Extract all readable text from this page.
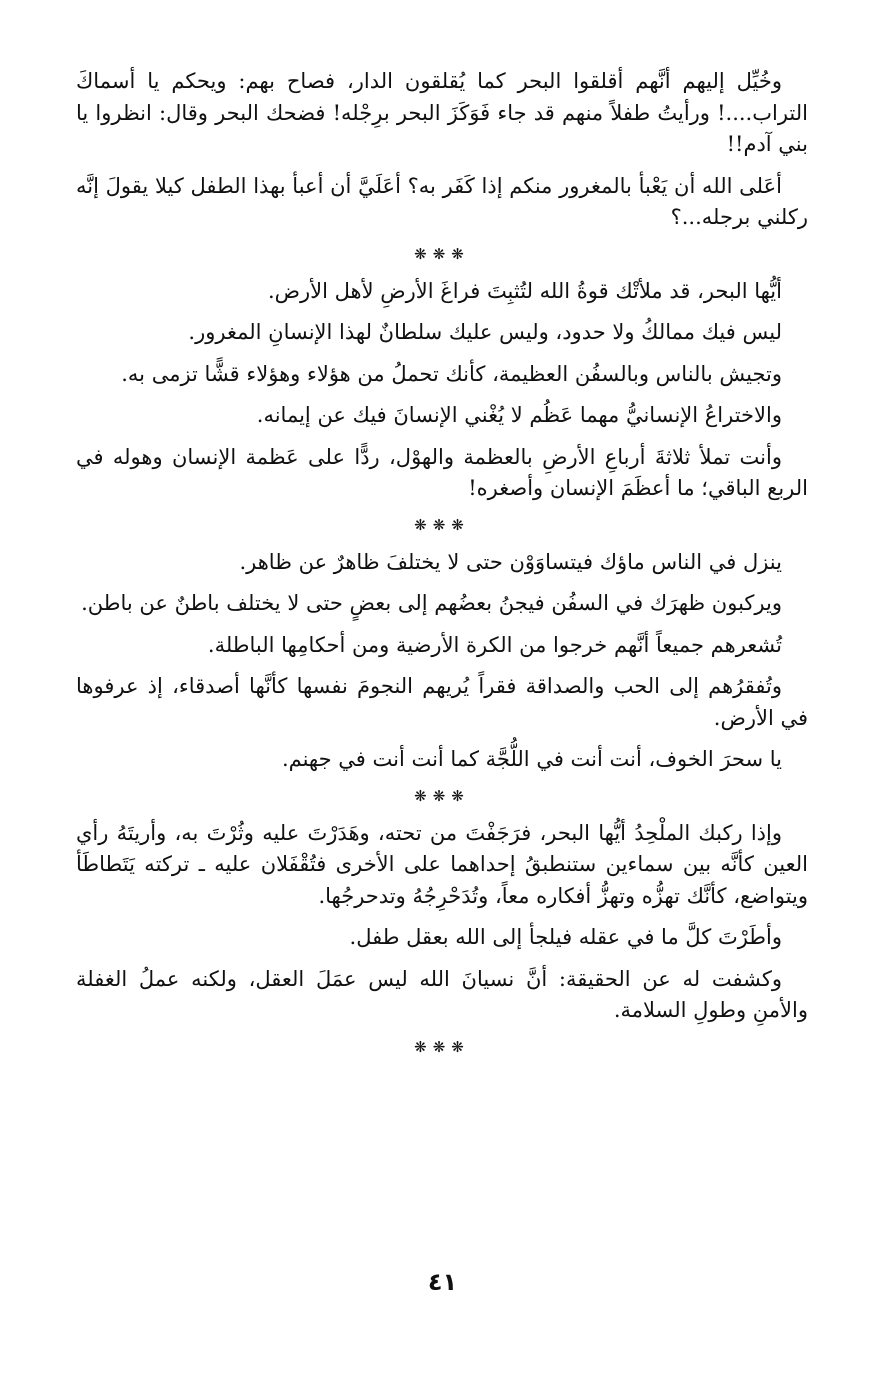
وخُيِّل إليهم أنَّهم أقلقوا البحر كما يُقلقون الدار، فصاح بهم: ويحكم يا أسماكَ التراب....! ورأيتُ طفلاً منهم قد جاء فَوَكَزَ البحر برِجْله! فضحك البحر وقال: انظروا يا بني آدم!!

أعَلى الله أن يَعْبأ بالمغرور منكم إذا كَفَر به؟ أعَلَيَّ أن أعبأ بهذا الطفل كيلا يقولَ إنَّه ركلني برجله...؟

❋❋❋

أيُّها البحر، قد ملأتْك قوةُ الله لتُثبِتَ فراغَ الأرضِ لأهل الأرض.

ليس فيك ممالكُ ولا حدود، وليس عليك سلطانٌ لهذا الإنسانِ المغرور.

وتجيش بالناس وبالسفُن العظيمة، كأنك تحملُ من هؤلاء وهؤلاء قشًّا تزمى به.

والاختراعُ الإنسانيُّ مهما عَظُم لا يُغْني الإنسانَ فيك عن إيمانه.

وأنت تملأ ثلاثةَ أرباعِ الأرضِ بالعظمة والهوْل، ردًّا على عَظمة الإنسان وهوله في الربع الباقي؛ ما أعظَمَ الإنسان وأصغره!

❋❋❋

ينزل في الناس ماؤك فيتساوَوْن حتى لا يختلفَ ظاهرٌ عن ظاهر.

ويركبون ظهرَك في السفُن فيجنُ بعضُهم إلى بعضٍ حتى لا يختلف باطنٌ عن باطن.

تُشعرهم جميعاً أنَّهم خرجوا من الكرة الأرضية ومن أحكامِها الباطلة.

وتُفقرُهم إلى الحب والصداقة فقراً يُريهم النجومَ نفسها كأنَّها أصدقاء، إذ عرفوها في الأرض.

يا سحرَ الخوف، أنت أنت في اللُّجَّة كما أنت أنت في جهنم.

❋❋❋

وإذا ركبك الملْحِدُ أيُّها البحر، فرَجَفْتَ من تحته، وهَدَرْتَ عليه وثُرْتَ به، وأريتَهُ رأي العين كأنَّه بين سماءين ستنطبقُ إحداهما على الأخرى فتُقْفَلان عليه ـ تركته يَتَطاطَأ ويتواضع، كأنَّك تهزُّه وتهزُّ أفكاره معاً، وتُدَحْرِجُهُ وتدحرجُها.

وأطَرْتَ كلَّ ما في عقله فيلجأ إلى الله بعقل طفل.

وكشفت له عن الحقيقة: أنَّ نسيانَ الله ليس عمَلَ العقل، ولكنه عملُ الغفلة والأمنِ وطولِ السلامة.

❋❋❋
٤١
